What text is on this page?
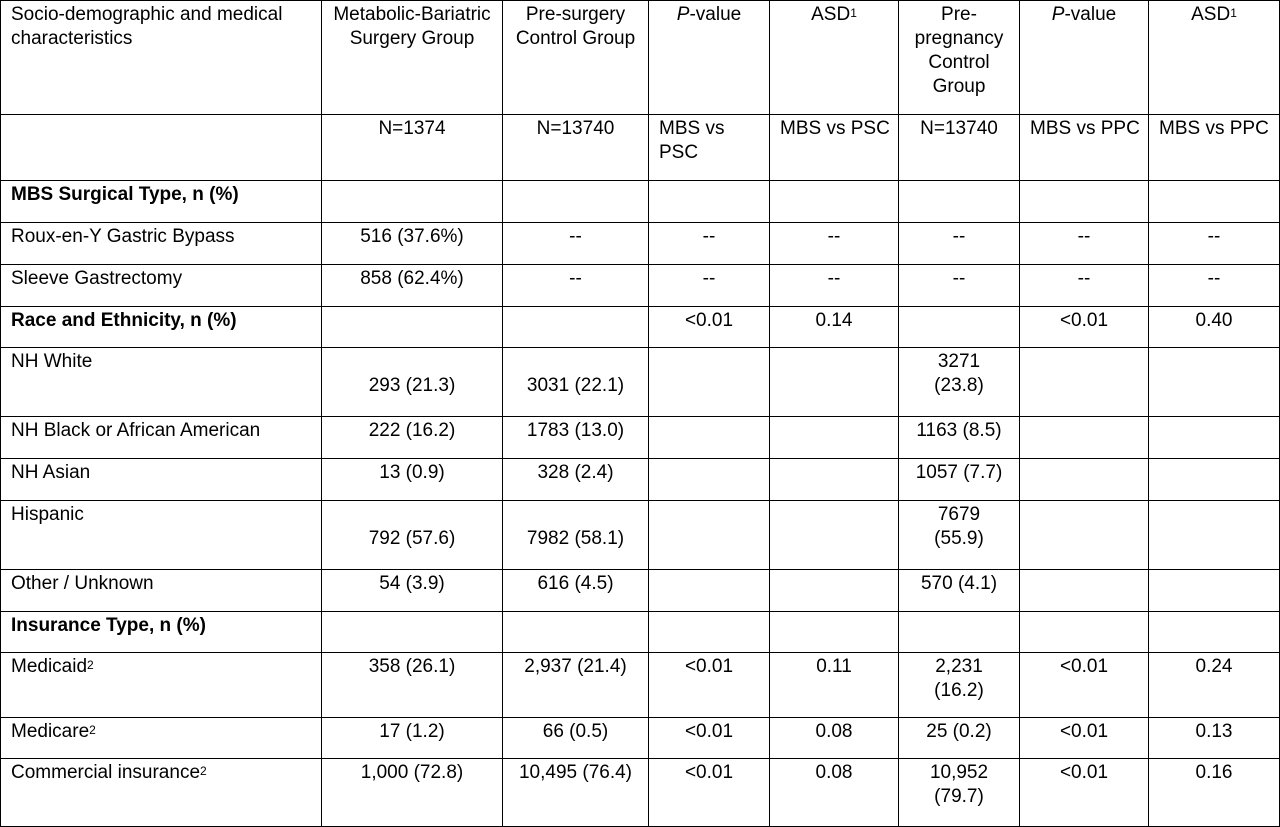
Socio-demographic and medical characteristics	Metabolic-Bariatric Surgery Group	Pre-surgery Control Group	P-value	ASD$^1$	Pre-pregnancy Control Group	P-value	ASD$^1$
	N=1374	N=13740	MBS vs PSC	MBS vs PSC	N=13740	MBS vs PPC	MBS vs PPC
MBS Surgical Type, n (%)							
Roux-en-Y Gastric Bypass	516 (37.6%)	--	--	--	--	--	--
Sleeve Gastrectomy	858 (62.4%)	--	--	--	--	--	--
Race and Ethnicity, n (%)			<0.01	0.14		<0.01	0.40
NH White	293 (21.3)	3031 (22.1)			3271 (23.8)		
NH Black or African American	222 (16.2)	1783 (13.0)			1163 (8.5)		
NH Asian	13 (0.9)	328 (2.4)			1057 (7.7)		
Hispanic	792 (57.6)	7982 (58.1)			7679 (55.9)		
Other / Unknown	54 (3.9)	616 (4.5)			570 (4.1)		
Insurance Type, n (%)							
Medicaid$^2$	358 (26.1)	2,937 (21.4)	<0.01	0.11	2,231 (16.2)	<0.01	0.24
Medicare$^2$	17 (1.2)	66 (0.5)	<0.01	0.08	25 (0.2)	<0.01	0.13
Commercial insurance$^2$	1,000 (72.8)	10,495 (76.4)	<0.01	0.08	10,952 (79.7)	<0.01	0.16
